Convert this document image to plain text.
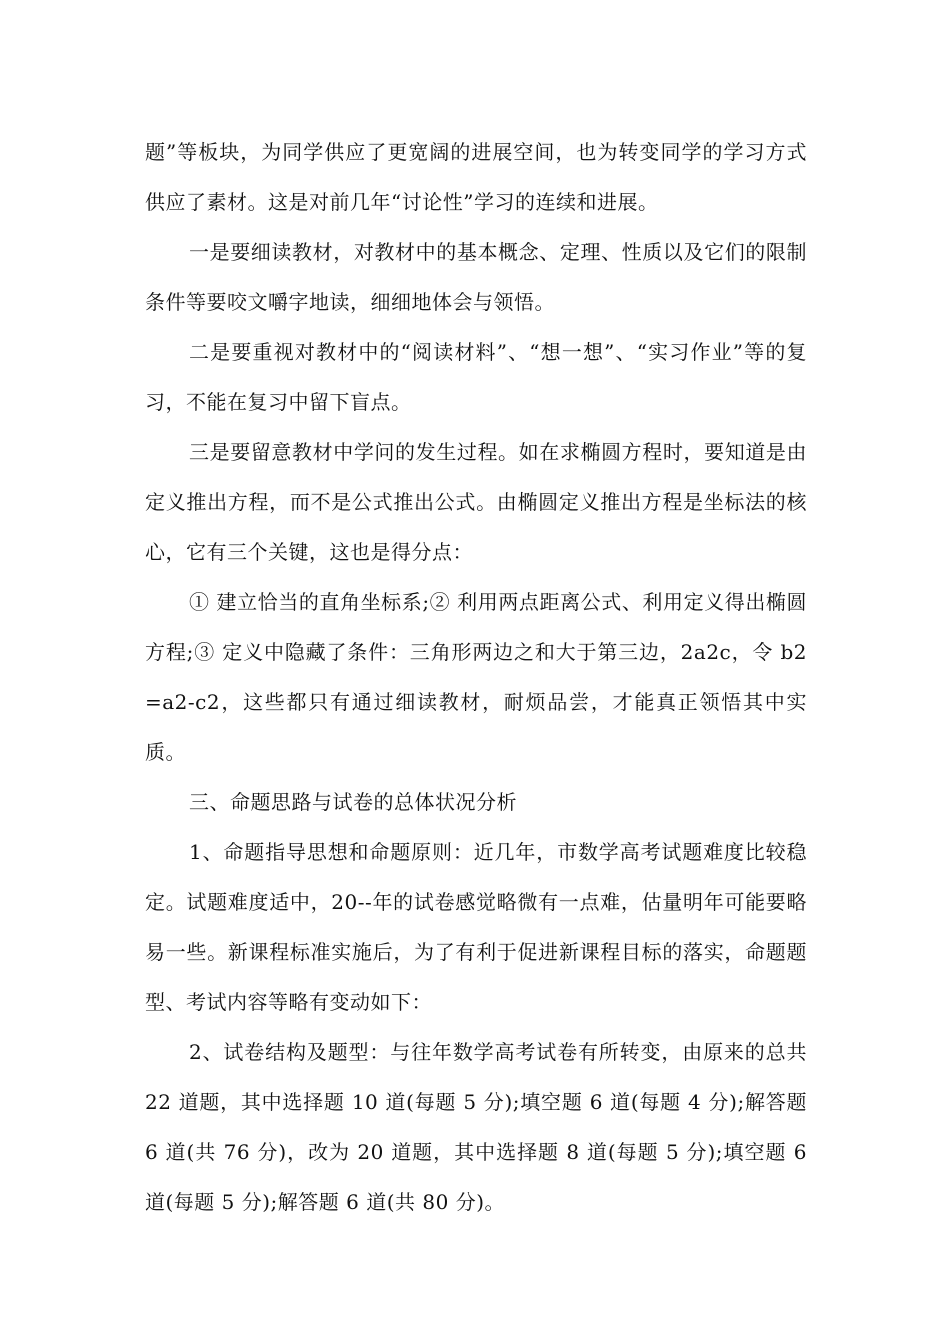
题”等板块，为同学供应了更宽阔的进展空间，也为转变同学的学习方式供应了素材。这是对前几年“讨论性”学习的连续和进展。

一是要细读教材，对教材中的基本概念、定理、性质以及它们的限制条件等要咬文嚼字地读，细细地体会与领悟。

二是要重视对教材中的“阅读材料”、“想一想”、“实习作业”等的复习，不能在复习中留下盲点。

三是要留意教材中学问的发生过程。如在求椭圆方程时，要知道是由定义推出方程，而不是公式推出公式。由椭圆定义推出方程是坐标法的核心，它有三个关键，这也是得分点：

① 建立恰当的直角坐标系;② 利用两点距离公式、利用定义得出椭圆方程;③ 定义中隐藏了条件：三角形两边之和大于第三边，2a2c，令 b2=a2-c2，这些都只有通过细读教材，耐烦品尝，才能真正领悟其中实质。

三、命题思路与试卷的总体状况分析

1、命题指导思想和命题原则：近几年，市数学高考试题难度比较稳定。试题难度适中，20--年的试卷感觉略微有一点难，估量明年可能要略易一些。新课程标准实施后，为了有利于促进新课程目标的落实，命题题型、考试内容等略有变动如下：

2、试卷结构及题型：与往年数学高考试卷有所转变，由原来的总共 22 道题，其中选择题 10 道(每题 5 分);填空题 6 道(每题 4 分);解答题 6 道(共 76 分)，改为 20 道题，其中选择题 8 道(每题 5 分);填空题 6 道(每题 5 分);解答题 6 道(共 80 分)。
